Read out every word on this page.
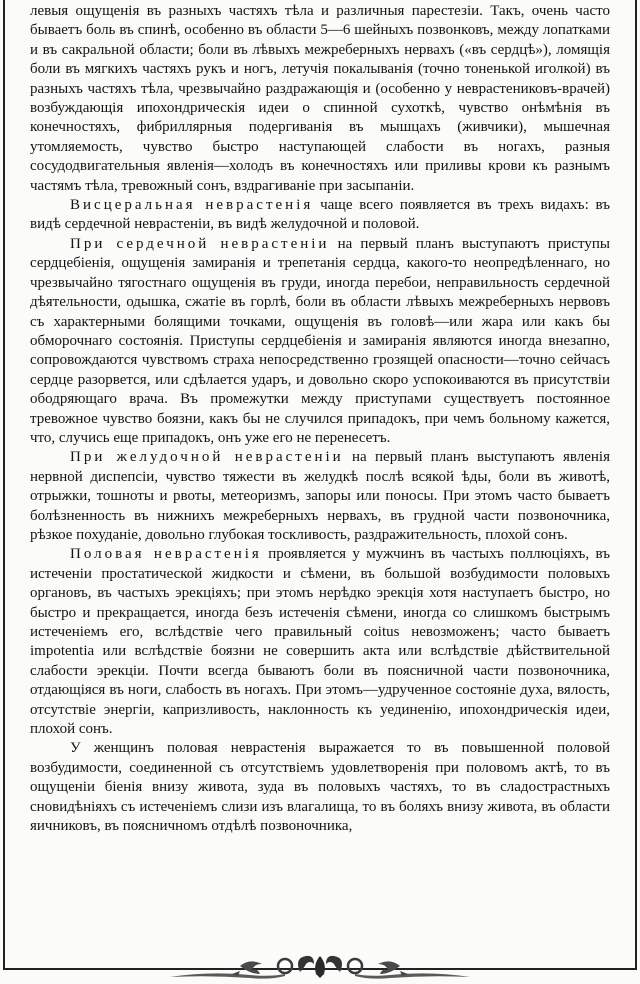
левыя ощущенія въ разныхъ частяхъ тѣла и различныя парестезіи. Такъ, очень часто бываетъ боль въ спинѣ, особенно въ области 5—6 шейныхъ позвонковъ, между лопатками и въ сакральной области; боли въ лѣвыхъ межреберныхъ нервахъ («въ сердцѣ»), ломящія боли въ мягкихъ частяхъ рукъ и ногъ, летучія покалыванія (точно тоненькой иголкой) въ разныхъ частяхъ тѣла, чрезвычайно раздражающія и (особенно у неврастениковъ-врачей) возбуждающія ипохондрическія идеи о спинной сухоткѣ, чувство онѣмѣнія въ конечностяхъ, фибриллярныя подергиванія въ мышцахъ (живчики), мышечная утомляемость, чувство быстро наступающей слабости въ ногахъ, разныя сосудодвигательныя явленія—холодъ въ конечностяхъ или приливы крови къ разнымъ частямъ тѣла, тревожный сонъ, вздрагиваніе при засыпаніи.

Висцеральная неврастенія чаще всего появляется въ трехъ видахъ: въ видѣ сердечной неврастеніи, въ видѣ желудочной и половой.

При сердечной неврастеніи на первый планъ выступаютъ приступы сердцебіенія, ощущенія замиранія и трепетанія сердца, какого-то неопредѣленнаго, но чрезвычайно тягостнаго ощущенія въ груди, иногда перебои, неправильность сердечной дѣятельности, одышка, сжатіе въ горлѣ, боли въ области лѣвыхъ межреберныхъ нервовъ съ характерными болящими точками, ощущенія въ головѣ—или жара или какъ бы обморочнаго состоянія. Приступы сердцебіенія и замиранія являются иногда внезапно, сопровождаются чувствомъ страха непосредственно грозящей опасности—точно сейчасъ сердце разорвется, или сдѣлается ударъ, и довольно скоро успокоиваются въ присутствіи ободряющаго врача. Въ промежутки между приступами существуетъ постоянное тревожное чувство боязни, какъ бы не случился припадокъ, при чемъ больному кажется, что, случись еще припадокъ, онъ уже его не перенесетъ.

При желудочной неврастеніи на первый планъ выступаютъ явленія нервной диспепсіи, чувство тяжести въ желудкѣ послѣ всякой ѣды, боли въ животѣ, отрыжки, тошноты и рвоты, метеоризмъ, запоры или поносы. При этомъ часто бываетъ болѣзненность въ нижнихъ межреберныхъ нервахъ, въ грудной части позвоночника, рѣзкое похуданіе, довольно глубокая тоскливость, раздражительность, плохой сонъ.

Половая неврастенія проявляется у мужчинъ въ частыхъ поллюціяхъ, въ истеченіи простатической жидкости и сѣмени, въ большой возбудимости половыхъ органовъ, въ частыхъ эрекціяхъ; при этомъ нерѣдко эрекція хотя наступаетъ быстро, но быстро и прекращается, иногда безъ истеченія сѣмени, иногда со слишкомъ быстрымъ истеченіемъ его, вслѣдствіе чего правильный coitus невозможенъ; часто бываетъ impotentia или вслѣдствіе боязни не совершить акта или вслѣдствіе дѣйствительной слабости эрекціи. Почти всегда бываютъ боли въ поясничной части позвоночника, отдающіяся въ ноги, слабость въ ногахъ. При этомъ—удрученное состояніе духа, вялость, отсутствіе энергіи, капризливость, наклонность къ уединенію, ипохондрическія идеи, плохой сонъ.

У женщинъ половая неврастенія выражается то въ повышенной половой возбудимости, соединенной съ отсутствіемъ удовлетворенія при половомъ актѣ, то въ ощущеніи біенія внизу живота, зуда въ половыхъ частяхъ, то въ сладострастныхъ сновидѣніяхъ съ истеченіемъ слизи изъ влагалища, то въ боляхъ внизу живота, въ области яичниковъ, въ поясничномъ отдѣлѣ позвоночника,
